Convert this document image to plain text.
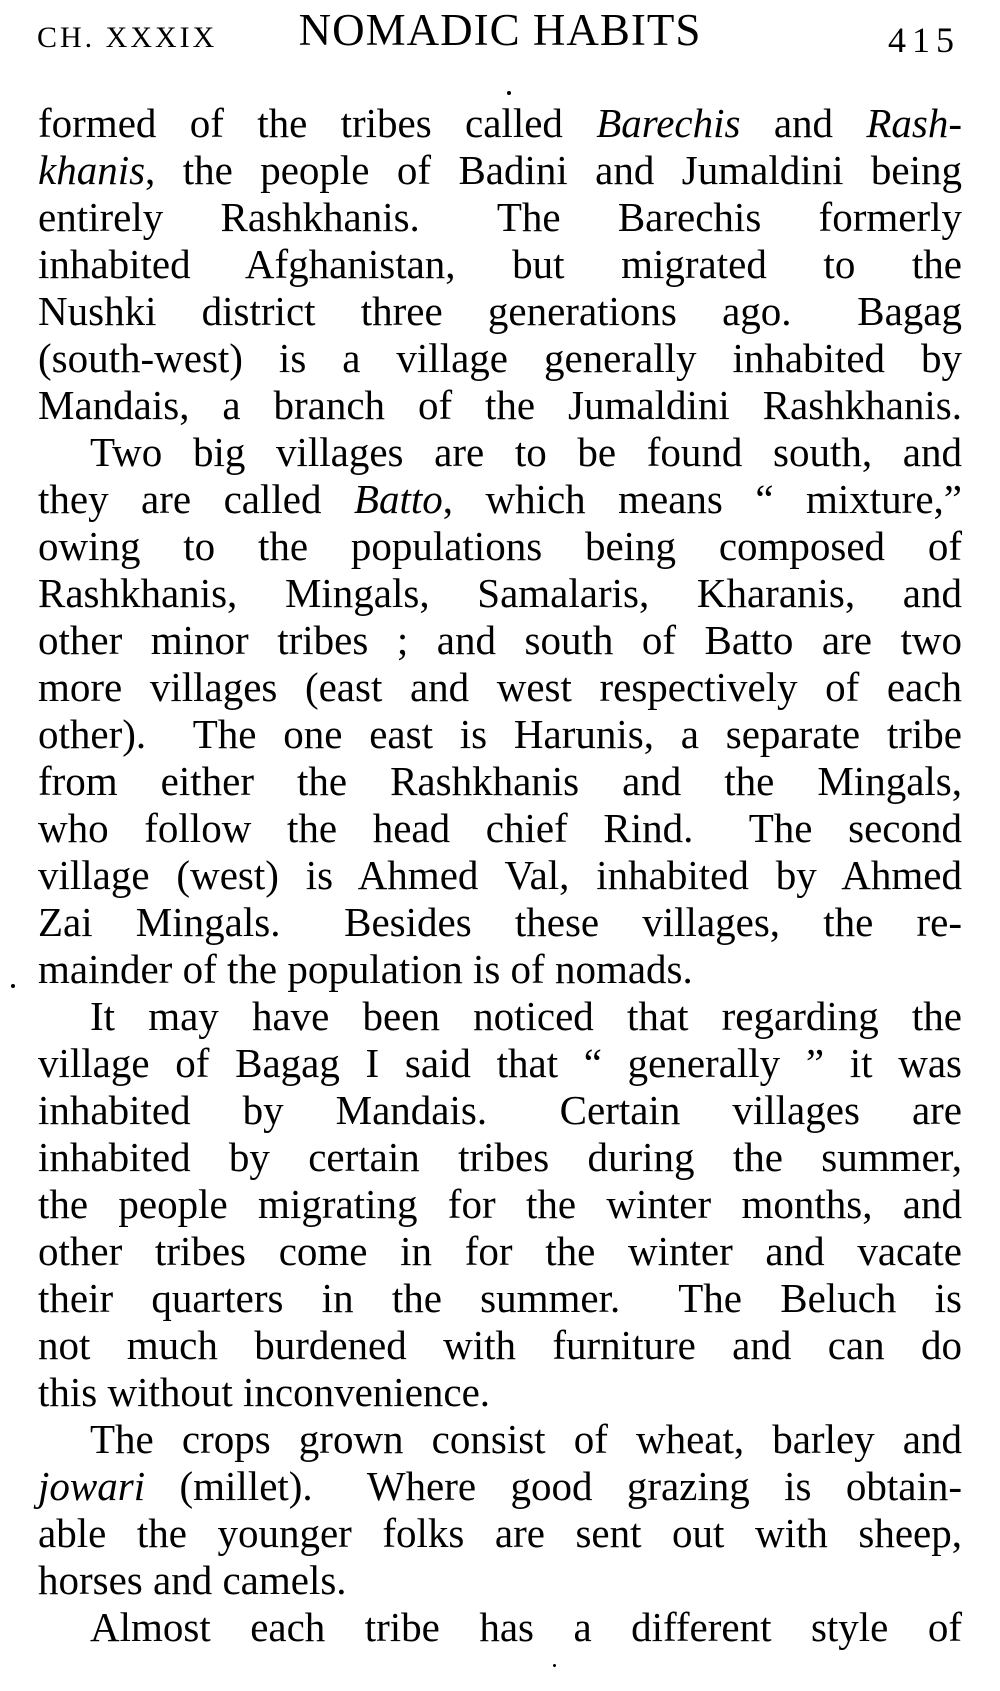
CH. XXXIX	NOMADIC HABITS	415
formed of the tribes called Barechis and Rash-
khanis, the people of Badini and Jumaldini being
entirely Rashkhanis.  The Barechis formerly
inhabited Afghanistan, but migrated to the
Nushki district three generations ago.  Bagag
(south-west) is a village generally inhabited by
Mandais, a branch of the Jumaldini Rashkhanis.
Two big villages are to be found south, and
they are called Batto, which means “ mixture,”
owing to the populations being composed of
Rashkhanis, Mingals, Samalaris, Kharanis, and
other minor tribes ; and south of Batto are two
more villages (east and west respectively of each
other).  The one east is Harunis, a separate tribe
from either the Rashkhanis and the Mingals,
who follow the head chief Rind.  The second
village (west) is Ahmed Val, inhabited by Ahmed
Zai Mingals.  Besides these villages, the re-
mainder of the population is of nomads.
It may have been noticed that regarding the
village of Bagag I said that “ generally ” it was
inhabited by Mandais.  Certain villages are
inhabited by certain tribes during the summer,
the people migrating for the winter months, and
other tribes come in for the winter and vacate
their quarters in the summer.  The Beluch is
not much burdened with furniture and can do
this without inconvenience.
The crops grown consist of wheat, barley and
jowari (millet).  Where good grazing is obtain-
able the younger folks are sent out with sheep,
horses and camels.
Almost each tribe has a different style of
